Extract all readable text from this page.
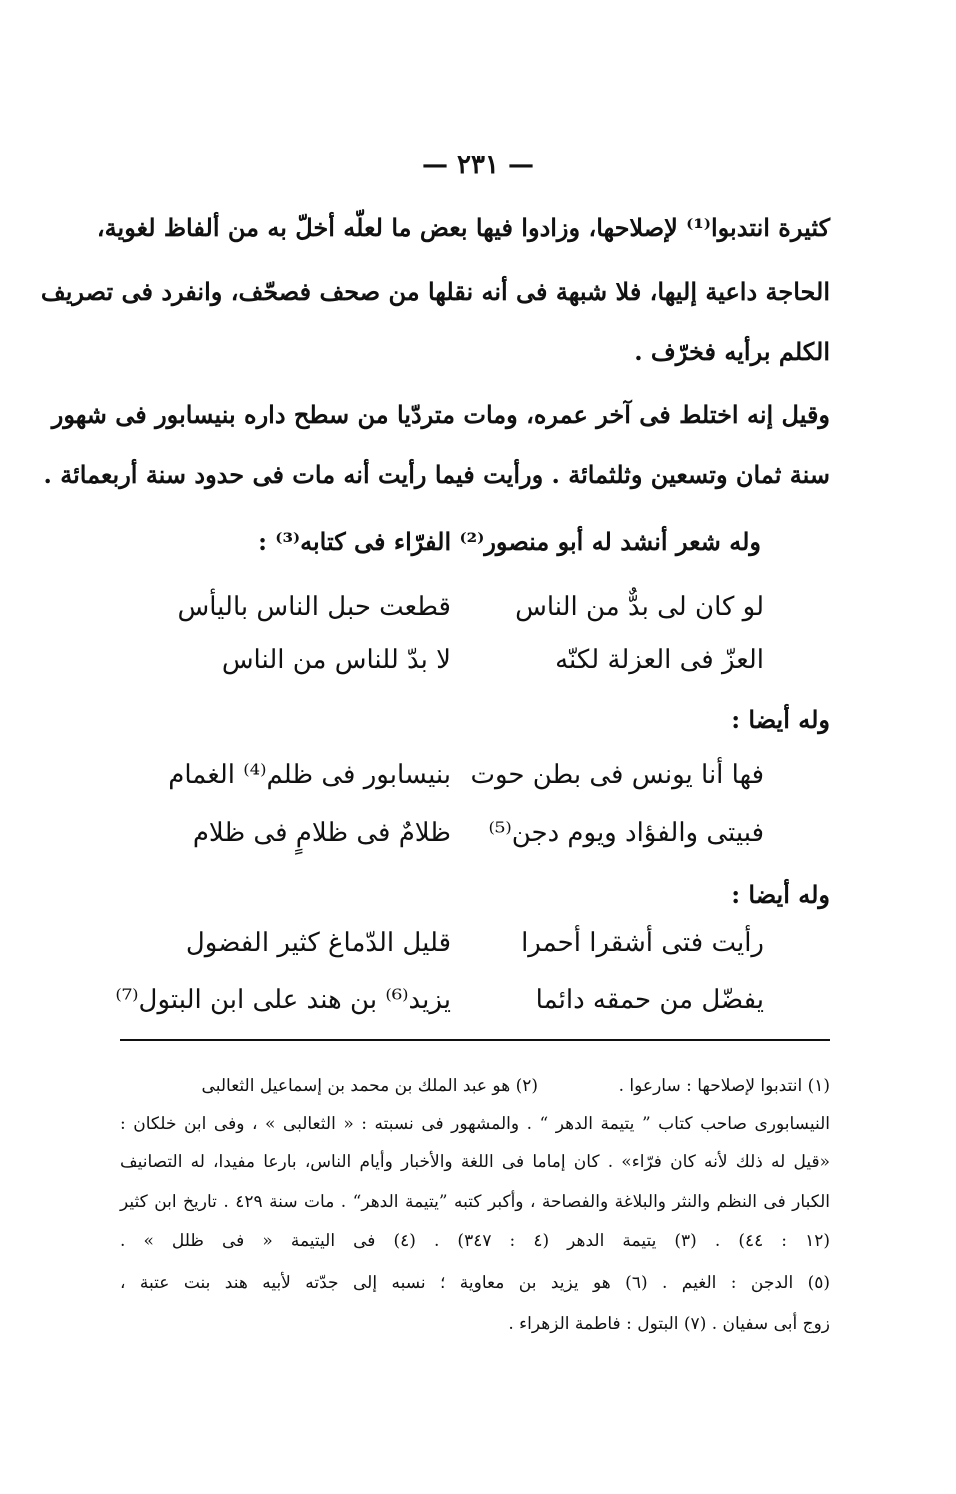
— ٢٣١ —
كثيرة انتدبوا⁽¹⁾ لإصلاحها، وزادوا فيها بعض ما لعلّه أخلّ به من ألفاظ لغوية،
الحاجة داعية إليها، فلا شبهة فى أنه نقلها من صحف فصحّف، وانفرد فى تصريف
الكلم برأيه فخرّف .
وقيل إنه اختلط فى آخر عمره، ومات متردّيا من سطح داره بنيسابور فى شهور
سنة ثمان وتسعين وثلثمائة . ورأيت فيما رأيت أنه مات فى حدود سنة أربعمائة .
وله شعر أنشد له أبو منصور⁽²⁾ الفرّاء فى كتابه⁽³⁾ :
لو كان لى بدٌّ من الناس
قطعت حبل الناس باليأس
العزّ فى العزلة لكنّه
لا بدّ للناس من الناس
وله أيضا :
فها أنا يونس فى بطن حوت
بنيسابور فى ظلم⁽⁴⁾ الغمام
فبيتى والفؤاد ويوم دجن⁽⁵⁾
ظلامٌ فى ظلامٍ فى ظلام
وله أيضا :
رأيت فتى أشقرا أحمرا
قليل الدّماغ كثير الفضول
يفضّل من حمقه دائما
يزيد⁽⁶⁾ بن هند على ابن البتول⁽⁷⁾
(١) انتدبوا لإصلاحها : سارعوا .
(٢) هو عبد الملك بن محمد بن إسماعيل الثعالبى
النيسابورى صاحب كتاب ” يتيمة الدهر “ . والمشهور فى نسبته : « الثعالبى » ، وفى ابن خلكان :
«قيل له ذلك لأنه كان فرّاء» . كان إماما فى اللغة والأخبار وأيام الناس، بارعا مفيدا، له التصانيف
الكبار فى النظم والنثر والبلاغة والفصاحة ، وأكبر كتبه ”يتيمة الدهر“ . مات سنة ٤٢٩ . تاريخ ابن كثير
(١٢ : ٤٤) . (٣) يتيمة الدهر (٤ : ٣٤٧) . (٤) فى اليتيمة « فى ظلل » .
(٥) الدجن : الغيم . (٦) هو يزيد بن معاوية ؛ نسبه إلى جدّته لأبيه هند بنت عتبة ،
زوج أبى سفيان . (٧) البتول : فاطمة الزهراء .
